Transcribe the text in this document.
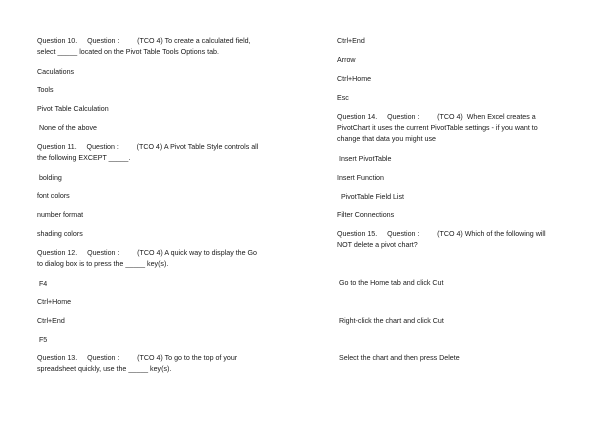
Question 10.     Question :         (TCO 4) To create a calculated field,

select _____ located on the Pivot Table Tools Options tab.

Caculations

Tools

Pivot Table Calculation

None of the above

Question 11.     Question :         (TCO 4) A Pivot Table Style controls all

the following EXCEPT _____.

bolding

font colors

number format

shading colors

Question 12.     Question :         (TCO 4) A quick way to display the Go

to dialog box is to press the _____ key(s).

F4

Ctrl+Home

Ctrl+End

F5

Question 13.     Question :         (TCO 4) To go to the top of your

spreadsheet quickly, use the _____ key(s).

Ctrl+End

Arrow

Ctrl+Home

Esc

Question 14.     Question :         (TCO 4)  When Excel creates a

PivotChart it uses the current PivotTable settings - if you want to

change that data you might use

Insert PivotTable

Insert Function

PivotTable Field List

Filter Connections

Question 15.     Question :         (TCO 4) Which of the following will

NOT delete a pivot chart?

Go to the Home tab and click Cut

Right-click the chart and click Cut

Select the chart and then press Delete
